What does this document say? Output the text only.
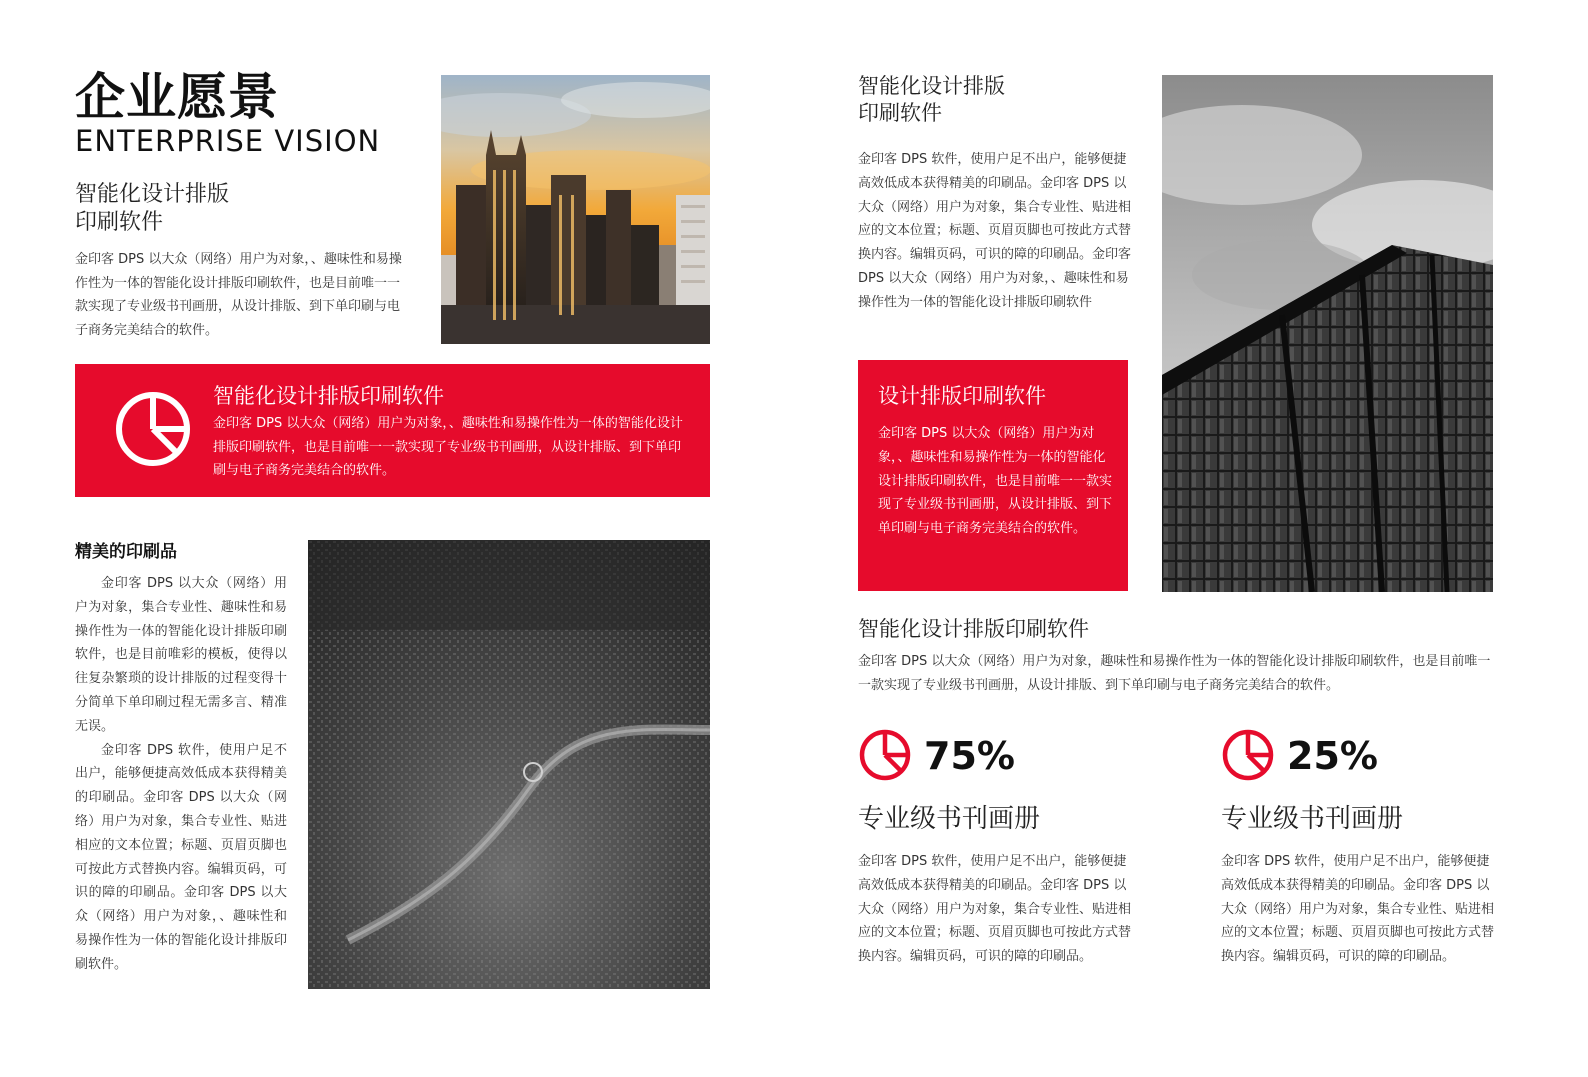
企业愿景
ENTERPRISE VISION
智能化设计排版
印刷软件
金印客 DPS 以大众（网络）用户为对象，、趣味性和易操作性为一体的智能化设计排版印刷软件，也是目前唯一一款实现了专业级书刊画册，从设计排版、到下单印刷与电子商务完美结合的软件。
智能化设计排版印刷软件
金印客 DPS 以大众（网络）用户为对象，、趣味性和易操作性为一体的智能化设计排版印刷软件，也是目前唯一一款实现了专业级书刊画册，从设计排版、到下单印刷与电子商务完美结合的软件。
精美的印刷品

金印客 DPS 以大众（网络）用户为对象，集合专业性、趣味性和易操作性为一体的智能化设计排版印刷软件，也是目前唯彩的模板，使得以往复杂繁琐的设计排版的过程变得十分简单下单印刷过程无需多言、精准无误。

金印客 DPS 软件，使用户足不出户，能够便捷高效低成本获得精美的印刷品。金印客 DPS 以大众（网络）用户为对象，集合专业性、贴进相应的文本位置；标题、页眉页脚也可按此方式替换内容。编辑页码，可识的障的印刷品。金印客 DPS 以大众（网络）用户为对象，、趣味性和易操作性为一体的智能化设计排版印刷软件。

智能化设计排版
印刷软件
金印客 DPS 软件，使用户足不出户，能够便捷高效低成本获得精美的印刷品。金印客 DPS 以大众（网络）用户为对象，集合专业性、贴进相应的文本位置；标题、页眉页脚也可按此方式替换内容。编辑页码，可识的障的印刷品。金印客 DPS 以大众（网络）用户为对象，、趣味性和易操作性为一体的智能化设计排版印刷软件
设计排版印刷软件
金印客 DPS 以大众（网络）用户为对象，、趣味性和易操作性为一体的智能化设计排版印刷软件，也是目前唯一一款实现了专业级书刊画册，从设计排版、到下单印刷与电子商务完美结合的软件。
智能化设计排版印刷软件
金印客 DPS 以大众（网络）用户为对象，趣味性和易操作性为一体的智能化设计排版印刷软件，也是目前唯一一款实现了专业级书刊画册，从设计排版、到下单印刷与电子商务完美结合的软件。
75%
专业级书刊画册
金印客 DPS 软件，使用户足不出户，能够便捷高效低成本获得精美的印刷品。金印客 DPS 以大众（网络）用户为对象，集合专业性、贴进相应的文本位置；标题、页眉页脚也可按此方式替换内容。编辑页码，可识的障的印刷品。
25%
专业级书刊画册
金印客 DPS 软件，使用户足不出户，能够便捷高效低成本获得精美的印刷品。金印客 DPS 以大众（网络）用户为对象，集合专业性、贴进相应的文本位置；标题、页眉页脚也可按此方式替换内容。编辑页码，可识的障的印刷品。
